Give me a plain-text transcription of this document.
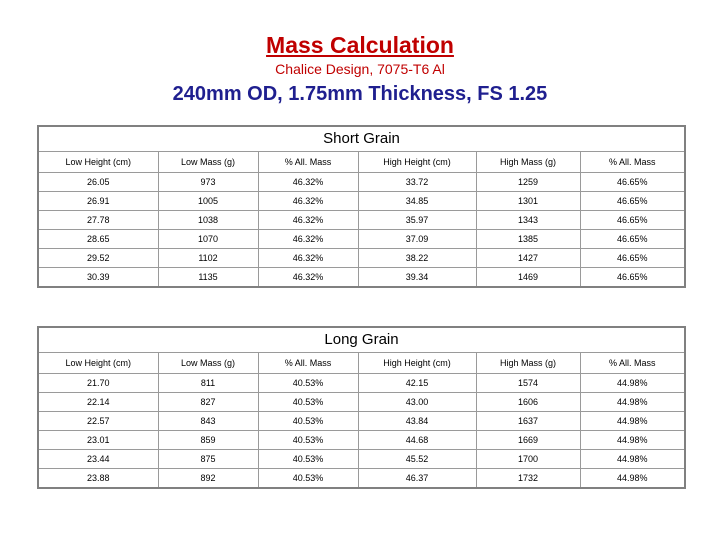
Mass Calculation
Chalice Design, 7075-T6 Al
240mm OD, 1.75mm Thickness, FS 1.25
Short Grain					
Low Height (cm)	Low Mass (g)	% All. Mass	High Height (cm)	High Mass (g)	% All. Mass
26.05	973	46.32%	33.72	1259	46.65%
26.91	1005	46.32%	34.85	1301	46.65%
27.78	1038	46.32%	35.97	1343	46.65%
28.65	1070	46.32%	37.09	1385	46.65%
29.52	1102	46.32%	38.22	1427	46.65%
30.39	1135	46.32%	39.34	1469	46.65%
Long Grain					
Low Height (cm)	Low Mass (g)	% All. Mass	High Height (cm)	High Mass (g)	% All. Mass
21.70	811	40.53%	42.15	1574	44.98%
22.14	827	40.53%	43.00	1606	44.98%
22.57	843	40.53%	43.84	1637	44.98%
23.01	859	40.53%	44.68	1669	44.98%
23.44	875	40.53%	45.52	1700	44.98%
23.88	892	40.53%	46.37	1732	44.98%
